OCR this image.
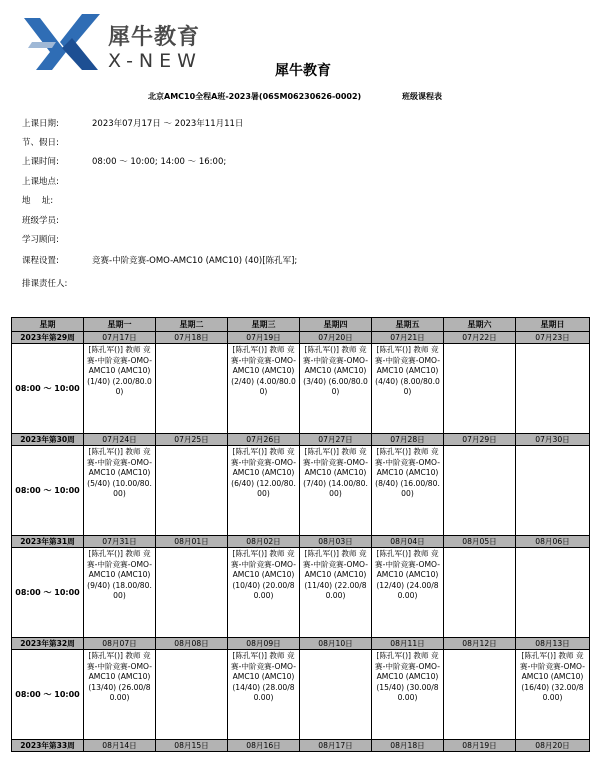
犀牛教育
X-NEW	犀牛教育
北京AMC10全程A班-2023暑(06SM06230626-0002)	班级课程表
上课日期:	2023年07月17日 ～ 2023年11月11日
节、假日:
上课时间:	08:00 ～ 10:00; 14:00 ～ 16:00;
上课地点:
地　 址:
班级学员:
学习顾问:
课程设置:	竞赛-中阶竞赛-OMO-AMC10 (AMC10) (40)[陈孔军];
排课责任人:
星期	星期一	星期二	星期三	星期四	星期五	星期六	星期日
2023年第29周	07月17日	07月18日	07月19日	07月20日	07月21日	07月22日	07月23日
08:00 ～ 10:00	[陈孔军()] 教师 竞赛-中阶竞赛-OMO-AMC10 (AMC10) (1/40) (2.00/80.00)		[陈孔军()] 教师 竞赛-中阶竞赛-OMO-AMC10 (AMC10) (2/40) (4.00/80.00)	[陈孔军()] 教师 竞赛-中阶竞赛-OMO-AMC10 (AMC10) (3/40) (6.00/80.00)	[陈孔军()] 教师 竞赛-中阶竞赛-OMO-AMC10 (AMC10) (4/40) (8.00/80.00)		

2023年第30周	07月24日	07月25日	07月26日	07月27日	07月28日	07月29日	07月30日
08:00 ～ 10:00	[陈孔军()] 教师 竞赛-中阶竞赛-OMO-AMC10 (AMC10) (5/40) (10.00/80.00)		[陈孔军()] 教师 竞赛-中阶竞赛-OMO-AMC10 (AMC10) (6/40) (12.00/80.00)	[陈孔军()] 教师 竞赛-中阶竞赛-OMO-AMC10 (AMC10) (7/40) (14.00/80.00)	[陈孔军()] 教师 竞赛-中阶竞赛-OMO-AMC10 (AMC10) (8/40) (16.00/80.00)		

2023年第31周	07月31日	08月01日	08月02日	08月03日	08月04日	08月05日	08月06日
08:00 ～ 10:00	[陈孔军()] 教师 竞赛-中阶竞赛-OMO-AMC10 (AMC10) (9/40) (18.00/80.00)		[陈孔军()] 教师 竞赛-中阶竞赛-OMO-AMC10 (AMC10) (10/40) (20.00/80.00)	[陈孔军()] 教师 竞赛-中阶竞赛-OMO-AMC10 (AMC10) (11/40) (22.00/80.00)	[陈孔军()] 教师 竞赛-中阶竞赛-OMO-AMC10 (AMC10) (12/40) (24.00/80.00)		

2023年第32周	08月07日	08月08日	08月09日	08月10日	08月11日	08月12日	08月13日
08:00 ～ 10:00	[陈孔军()] 教师 竞赛-中阶竞赛-OMO-AMC10 (AMC10) (13/40) (26.00/80.00)		[陈孔军()] 教师 竞赛-中阶竞赛-OMO-AMC10 (AMC10) (14/40) (28.00/80.00)		[陈孔军()] 教师 竞赛-中阶竞赛-OMO-AMC10 (AMC10) (15/40) (30.00/80.00)		[陈孔军()] 教师 竞赛-中阶竞赛-OMO-AMC10 (AMC10) (16/40) (32.00/80.00)

2023年第33周	08月14日	08月15日	08月16日	08月17日	08月18日	08月19日	08月20日
